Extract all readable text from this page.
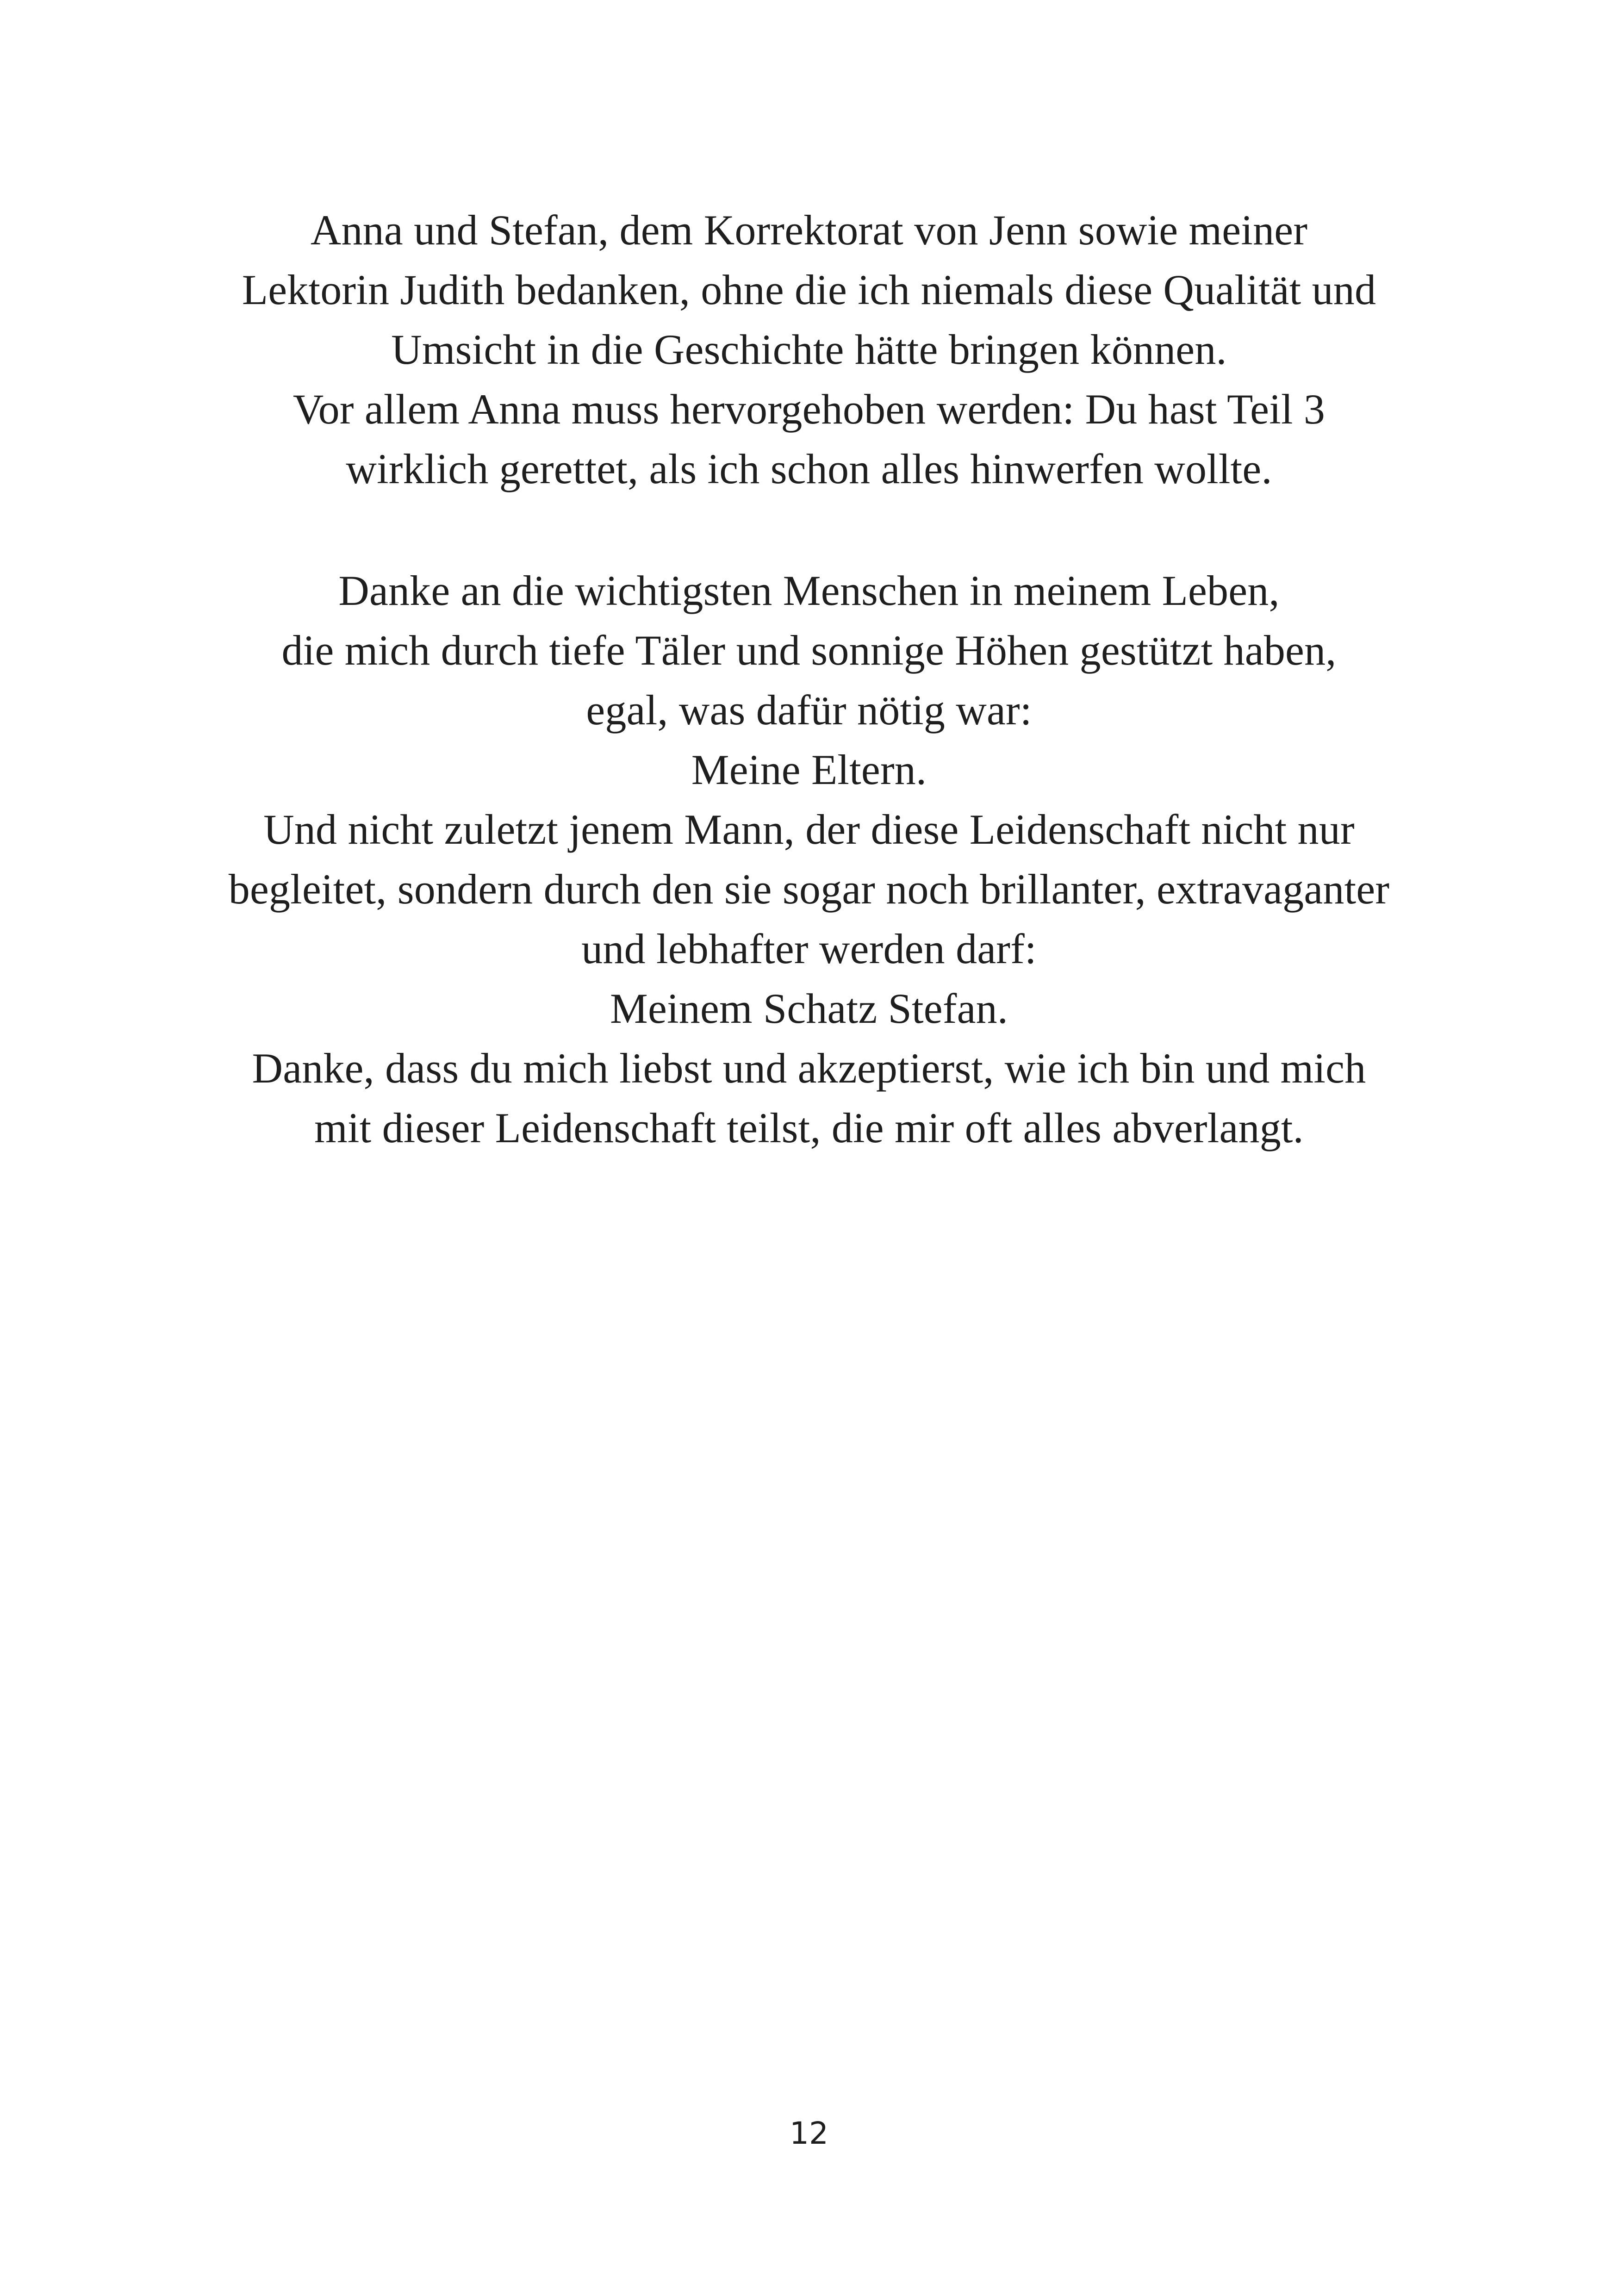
Anna und Stefan, dem Korrektorat von Jenn sowie meiner
Lektorin Judith bedanken, ohne die ich niemals diese Qualität und
Umsicht in die Geschichte hätte bringen können.
Vor allem Anna muss hervorgehoben werden: Du hast Teil 3
wirklich gerettet, als ich schon alles hinwerfen wollte.
Danke an die wichtigsten Menschen in meinem Leben,
die mich durch tiefe Täler und sonnige Höhen gestützt haben,
egal, was dafür nötig war:
Meine Eltern.
Und nicht zuletzt jenem Mann, der diese Leidenschaft nicht nur
begleitet, sondern durch den sie sogar noch brillanter, extravaganter
und lebhafter werden darf:
Meinem Schatz Stefan.
Danke, dass du mich liebst und akzeptierst, wie ich bin und mich
mit dieser Leidenschaft teilst, die mir oft alles abverlangt.
12
